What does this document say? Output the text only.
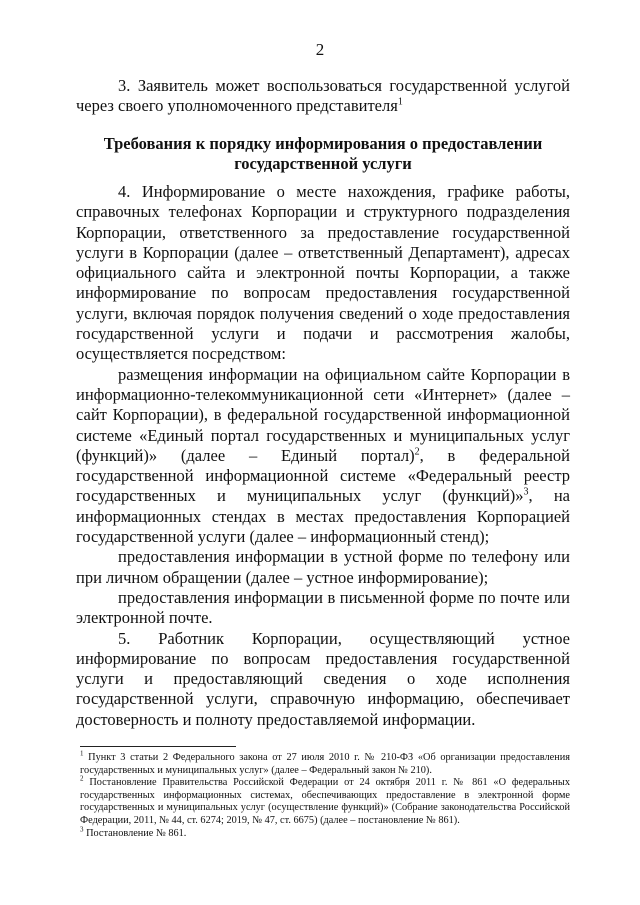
2

3. Заявитель может воспользоваться государственной услугой через своего уполномоченного представителя$^1$

Требования к порядку информирования о предоставлении
государственной услуги

4. Информирование о месте нахождения, графике работы, справочных телефонах Корпорации и структурного подразделения Корпорации, ответственного за предоставление государственной услуги в Корпорации (далее – ответственный Департамент), адресах официального сайта и электронной почты Корпорации, а также информирование по вопросам предоставления государственной услуги, включая порядок получения сведений о ходе предоставления государственной услуги и подачи и рассмотрения жалобы, осуществляется посредством:

размещения информации на официальном сайте Корпорации в информационно-телекоммуникационной сети «Интернет» (далее – сайт Корпорации), в федеральной государственной информационной системе «Единый портал государственных и муниципальных услуг (функций)» (далее – Единый портал)$^2$, в федеральной государственной информационной системе «Федеральный реестр государственных и муниципальных услуг (функций)»$^3$, на информационных стендах в местах предоставления Корпорацией государственной услуги (далее – информационный стенд);

предоставления информации в устной форме по телефону или при личном обращении (далее – устное информирование);

предоставления информации в письменной форме по почте или электронной почте.

5. Работник Корпорации, осуществляющий устное информирование по вопросам предоставления государственной услуги и предоставляющий сведения о ходе исполнения государственной услуги, справочную информацию, обеспечивает достоверность и полноту предоставляемой информации.

$^1$ Пункт 3 статьи 2 Федерального закона от 27 июля 2010 г. № 210-ФЗ «Об организации предоставления государственных и муниципальных услуг» (далее – Федеральный закон № 210).

$^2$ Постановление Правительства Российской Федерации от 24 октября 2011 г. № 861 «О федеральных государственных информационных системах, обеспечивающих предоставление в электронной форме государственных и муниципальных услуг (осуществление функций)» (Собрание законодательства Российской Федерации, 2011, № 44, ст. 6274; 2019, № 47, ст. 6675) (далее – постановление № 861).

$^3$ Постановление № 861.
